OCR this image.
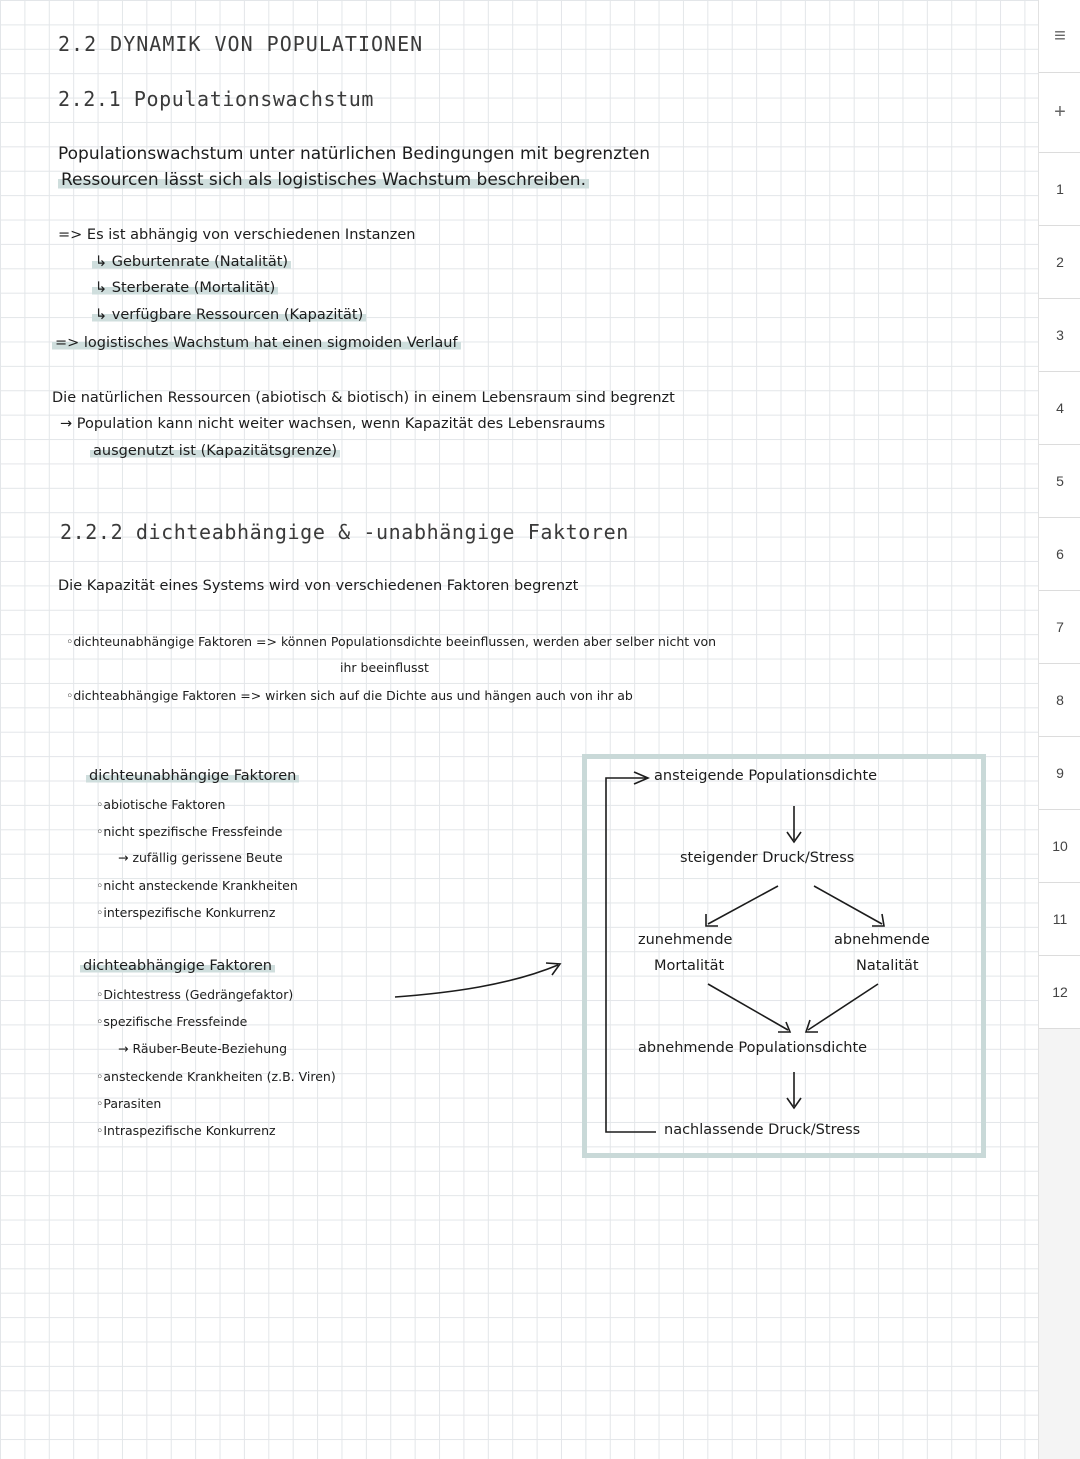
2.2 DYNAMIK VON POPULATIONEN
2.2.1 Populationswachstum
Populationswachstum unter natürlichen Bedingungen mit begrenzten
Ressourcen lässt sich als logistisches Wachstum beschreiben.
=> Es ist abhängig von verschiedenen Instanzen
↳ Geburtenrate (Natalität)
↳ Sterberate (Mortalität)
↳ verfügbare Ressourcen (Kapazität)
=> logistisches Wachstum hat einen sigmoiden Verlauf
Die natürlichen Ressourcen (abiotisch & biotisch) in einem Lebensraum sind begrenzt
→ Population kann nicht weiter wachsen, wenn Kapazität des Lebensraums
ausgenutzt ist (Kapazitätsgrenze)
2.2.2 dichteabhängige & -unabhängige Faktoren
Die Kapazität eines Systems wird von verschiedenen Faktoren begrenzt
◦ dichteunabhängige Faktoren => können Populationsdichte beeinflussen, werden aber selber nicht von
ihr beeinflusst
◦ dichteabhängige Faktoren => wirken sich auf die Dichte aus und hängen auch von ihr ab
dichteunabhängige Faktoren
◦ abiotische Faktoren
◦ nicht spezifische Fressfeinde
→ zufällig gerissene Beute
◦ nicht ansteckende Krankheiten
◦ interspezifische Konkurrenz
dichteabhängige Faktoren
◦ Dichtestress (Gedrängefaktor)
◦ spezifische Fressfeinde
→ Räuber-Beute-Beziehung
◦ ansteckende Krankheiten (z.B. Viren)
◦ Parasiten
◦ Intraspezifische Konkurrenz
ansteigende Populationsdichte
steigender Druck/Stress
zunehmende
Mortalität
abnehmende
Natalität
abnehmende Populationsdichte
nachlassende Druck/Stress
≡
+
1
2
3
4
5
6
7
8
9
10
11
12
